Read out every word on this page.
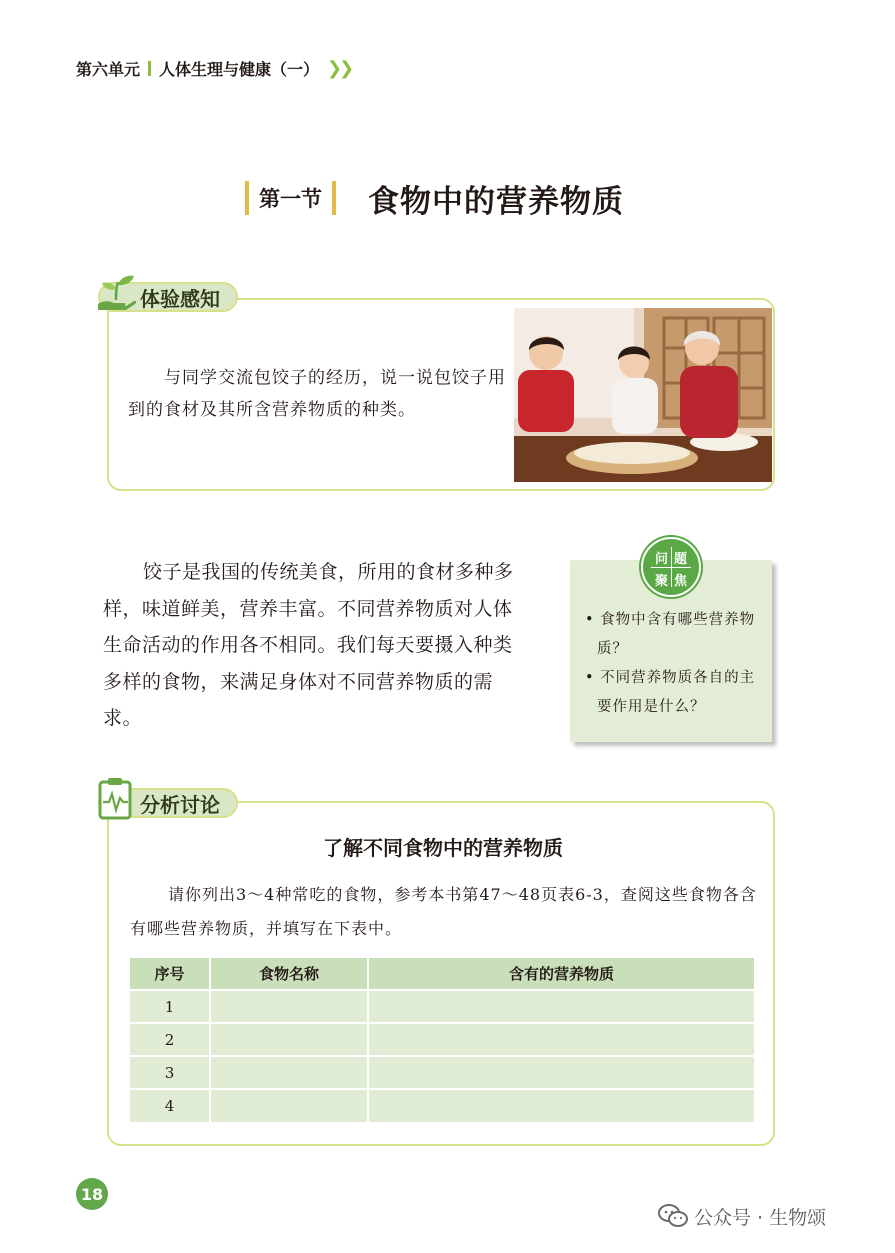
第六单元 人体生理与健康（一） ❯❯
第一节	食物中的营养物质
体验感知
与同学交流包饺子的经历，说一说包饺子用到的食材及其所含营养物质的种类。
饺子是我国的传统美食，所用的食材多种多样，味道鲜美，营养丰富。不同营养物质对人体生命活动的作用各不相同。我们每天要摄入种类多样的食物，来满足身体对不同营养物质的需求。
问 题
聚 焦
• 食物中含有哪些营养物质？
• 不同营养物质各自的主要作用是什么？
分析讨论
了解不同食物中的营养物质
请你列出3～4种常吃的食物，参考本书第47～48页表6-3，查阅这些食物各含有哪些营养物质，并填写在下表中。
序号	食物名称	含有的营养物质
1		
2		
3		
4		
18
公众号 · 生物颂
